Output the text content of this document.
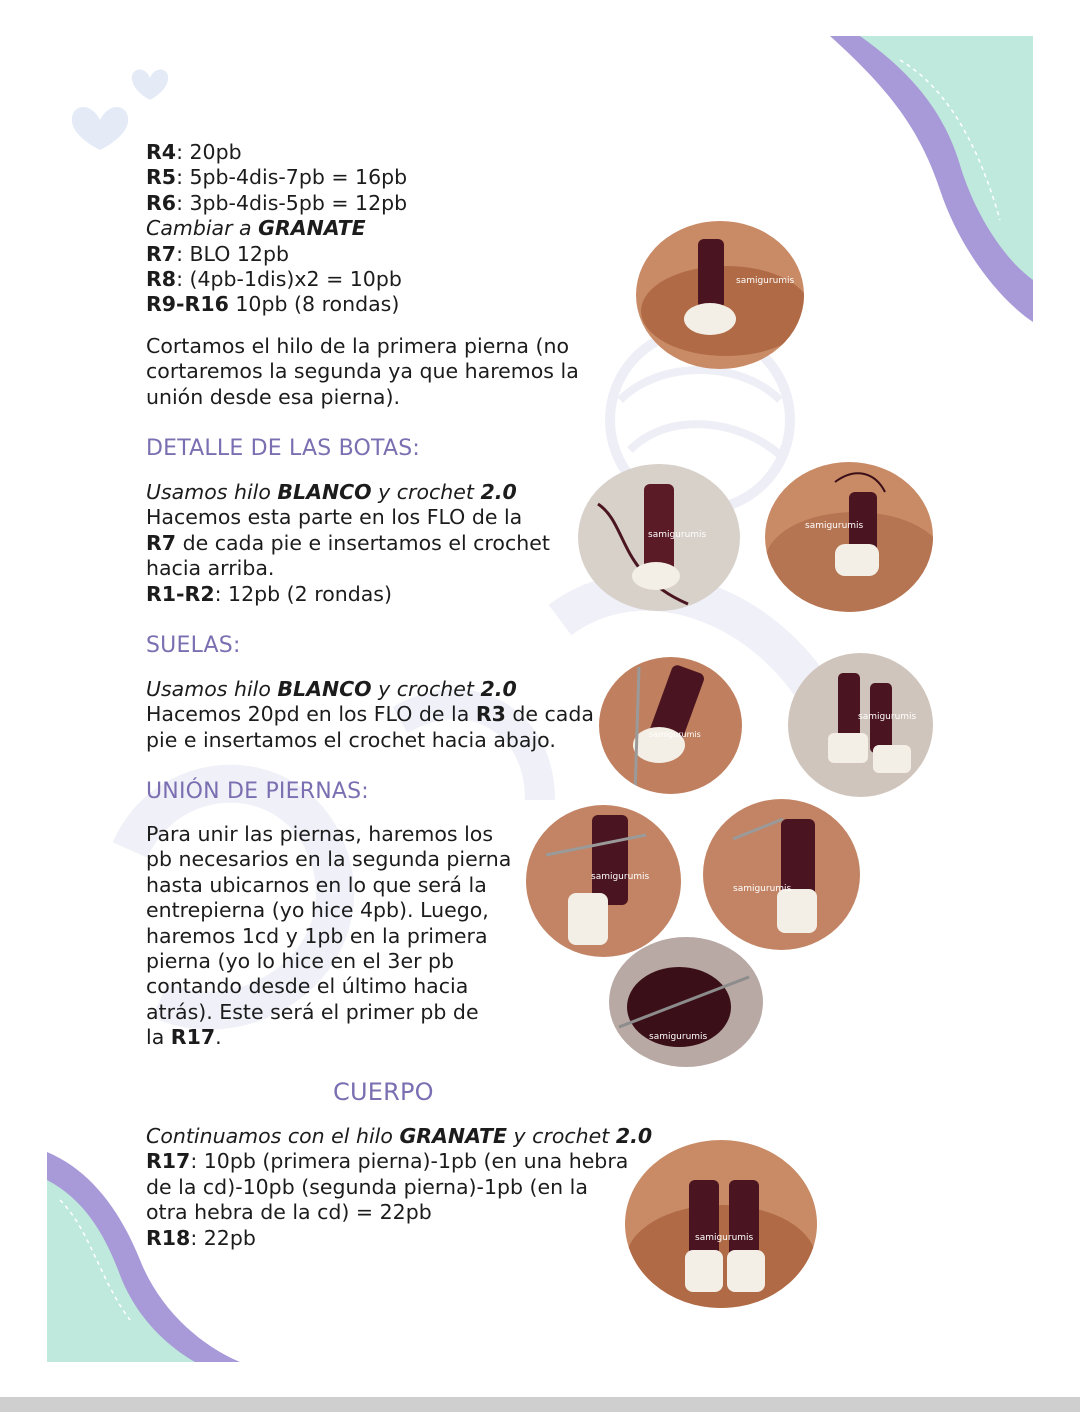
R4: 20pb
R5: 5pb-4dis-7pb = 16pb
R6: 3pb-4dis-5pb = 12pb
Cambiar a GRANATE
R7: BLO 12pb
R8: (4pb-1dis)x2 = 10pb
R9-R16 10pb (8 rondas)
Cortamos el hilo de la primera pierna (no
cortaremos la segunda ya que haremos la
unión desde esa pierna).
DETALLE DE LAS BOTAS:
Usamos hilo BLANCO y crochet 2.0
Hacemos esta parte en los FLO de la
R7 de cada pie e insertamos el crochet
hacia arriba.
R1-R2: 12pb (2 rondas)
SUELAS:
Usamos hilo BLANCO y crochet 2.0
Hacemos 20pd en los FLO de la R3 de cada
pie e insertamos el crochet hacia abajo.
UNIÓN DE PIERNAS:
Para unir las piernas, haremos los
pb necesarios en la segunda pierna
hasta ubicarnos en lo que será la
entrepierna (yo hice 4pb). Luego,
haremos 1cd y 1pb en la primera
pierna (yo lo hice en el 3er pb
contando desde el último hacia
atrás). Este será el primer pb de
la R17.
CUERPO
Continuamos con el hilo GRANATE y crochet 2.0
R17: 10pb (primera pierna)-1pb (en una hebra
de la cd)-10pb (segunda pierna)-1pb (en la
otra hebra de la cd) = 22pb
R18: 22pb
samigurumis
samigurumis
samigurumis
samigurumis
samigurumis
samigurumis
samigurumis
samigurumis
samigurumis
